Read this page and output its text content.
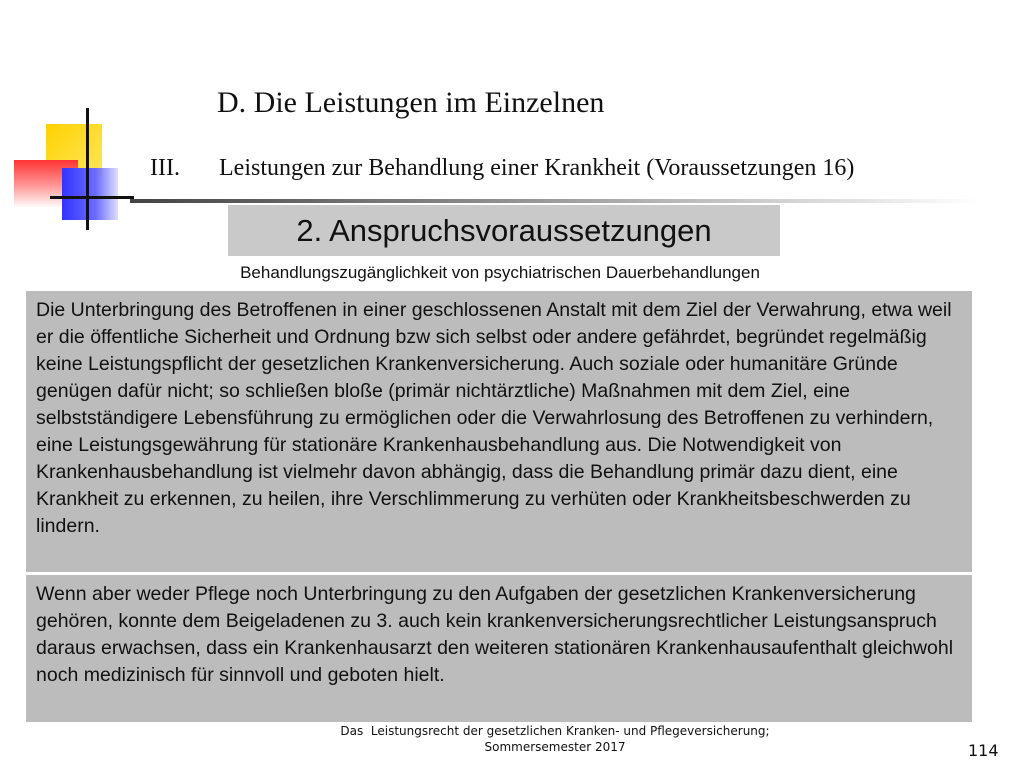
D. Die Leistungen im Einzelnen
III. Leistungen zur Behandlung einer Krankheit (Voraussetzungen 16)
2. Anspruchsvoraussetzungen
Behandlungszugänglichkeit von psychiatrischen Dauerbehandlungen
Die Unterbringung des Betroffenen in einer geschlossenen Anstalt mit dem Ziel der Verwahrung, etwa weil er die öffentliche Sicherheit und Ordnung bzw sich selbst oder andere gefährdet, begründet regelmäßig keine Leistungspflicht der gesetzlichen Krankenversicherung. Auch soziale oder humanitäre Gründe genügen dafür nicht; so schließen bloße (primär nichtärztliche) Maßnahmen mit dem Ziel, eine selbstständigere Lebensführung zu ermöglichen oder die Verwahrlosung des Betroffenen zu verhindern, eine Leistungsgewährung für stationäre Krankenhausbehandlung aus. Die Notwendigkeit von Krankenhausbehandlung ist vielmehr davon abhängig, dass die Behandlung primär dazu dient, eine Krankheit zu erkennen, zu heilen, ihre Verschlimmerung zu verhüten oder Krankheitsbeschwerden zu lindern.
Wenn aber weder Pflege noch Unterbringung zu den Aufgaben der gesetzlichen Krankenversicherung gehören, konnte dem Beigeladenen zu 3. auch kein krankenversicherungsrechtlicher Leistungsanspruch daraus erwachsen, dass ein Krankenhausarzt den weiteren stationären Krankenhausaufenthalt gleichwohl noch medizinisch für sinnvoll und geboten hielt.
Das  Leistungsrecht der gesetzlichen Kranken- und Pflegeversicherung;
Sommersemester 2017	114
